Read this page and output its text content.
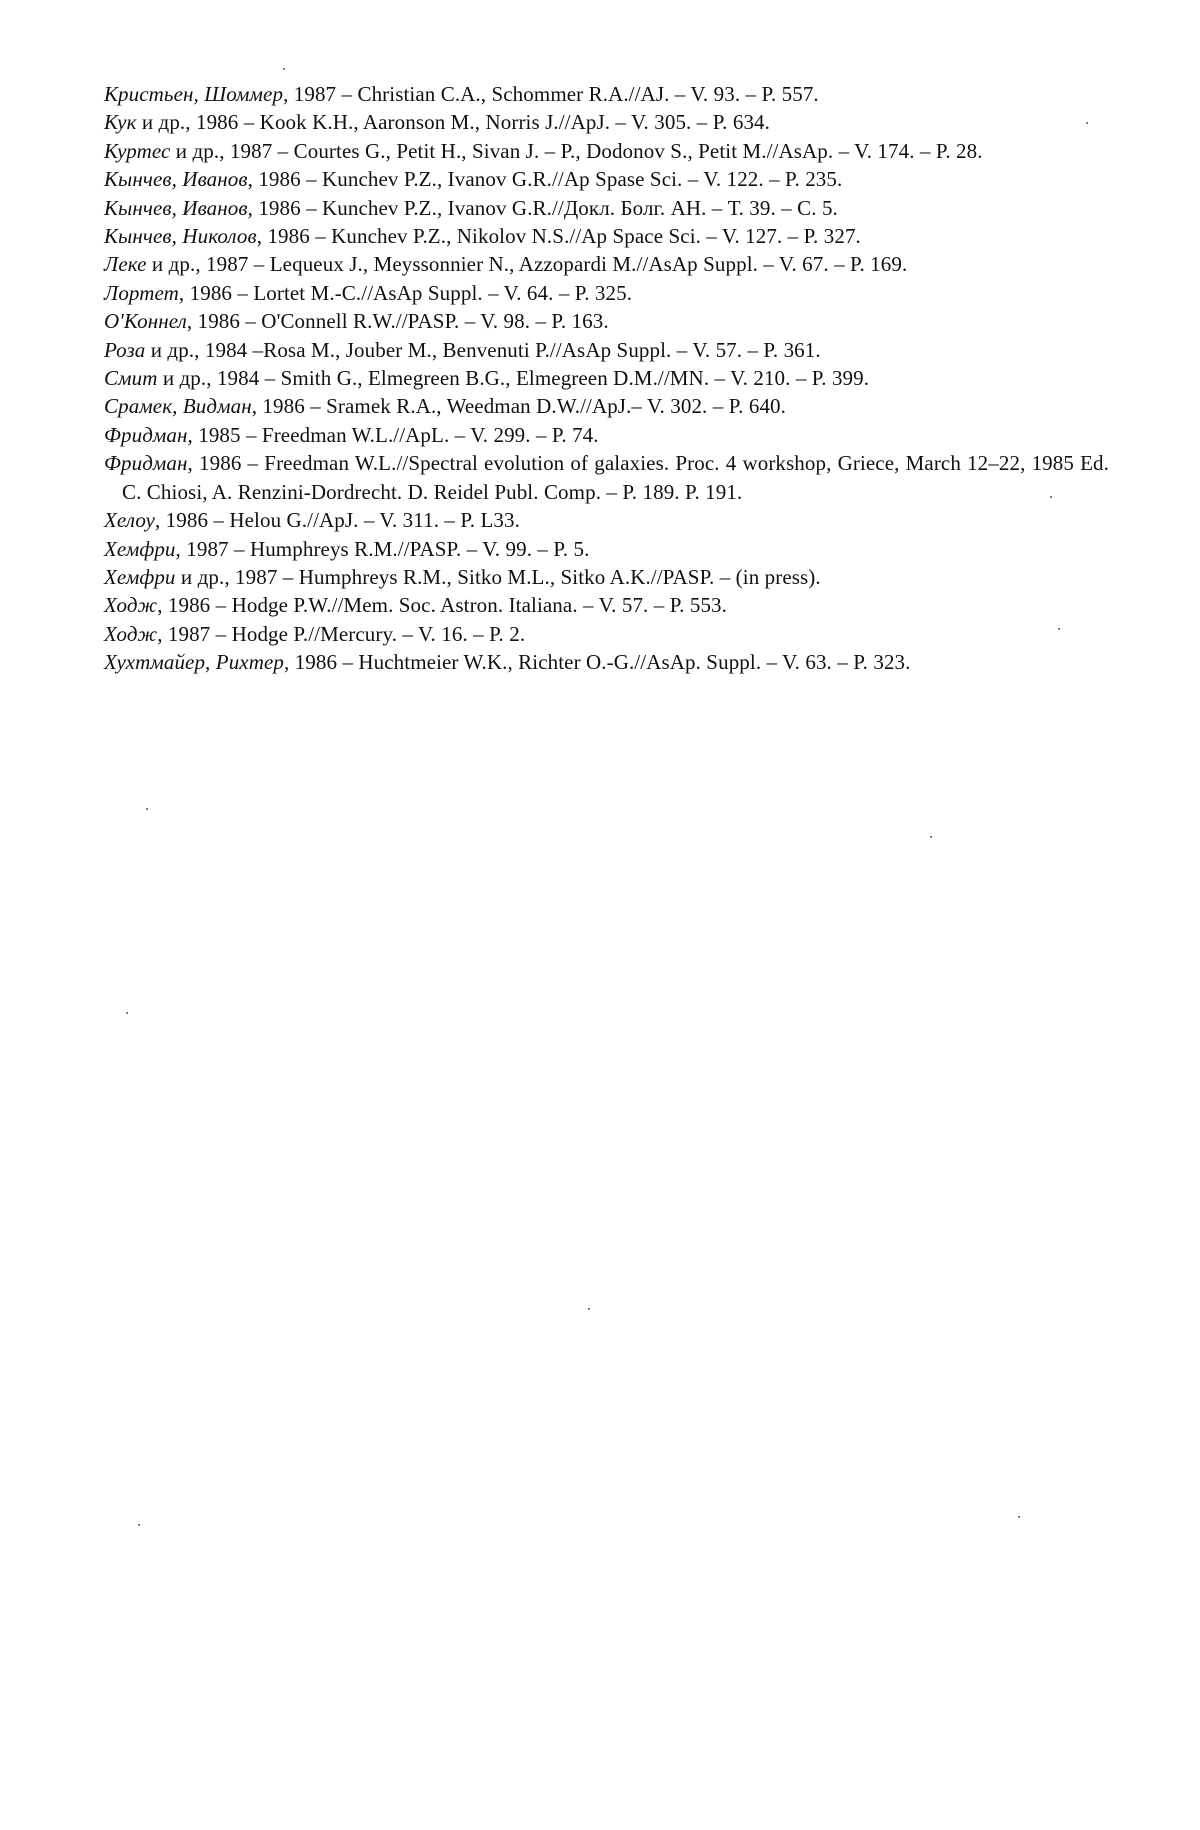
Кристьен, Шоммер, 1987 – Christian C.A., Schommer R.A.//AJ. – V. 93. – P. 557.

Кук и др., 1986 – Kook K.H., Aaronson M., Norris J.//ApJ. – V. 305. – P. 634.

Куртес и др., 1987 – Courtes G., Petit H., Sivan J. – P., Dodonov S., Petit M.//AsAp. – V. 174. – P. 28.

Кынчев, Иванов, 1986 – Kunchev P.Z., Ivanov G.R.//Ap Spase Sci. – V. 122. – P. 235.

Кынчев, Иванов, 1986 – Kunchev P.Z., Ivanov G.R.//Докл. Болг. АН. – Т. 39. – С. 5.

Кынчев, Николов, 1986 – Kunchev P.Z., Nikolov N.S.//Ap Space Sci. – V. 127. – P. 327.

Леке и др., 1987 – Lequeux J., Meyssonnier N., Azzopardi M.//AsAp Suppl. – V. 67. – P. 169.

Лортет, 1986 – Lortet M.-C.//AsAp Suppl. – V. 64. – P. 325.

О'Коннел, 1986 – O'Connell R.W.//PASP. – V. 98. – P. 163.

Роза и др., 1984 –Rosa M., Jouber M., Benvenuti P.//AsAp Suppl. – V. 57. – P. 361.

Смит и др., 1984 – Smith G., Elmegreen B.G., Elmegreen D.M.//MN. – V. 210. – P. 399.

Срамек, Видман, 1986 – Sramek R.A., Weedman D.W.//ApJ.– V. 302. – P. 640.

Фридман, 1985 – Freedman W.L.//ApL. – V. 299. – P. 74.

Фридман, 1986 – Freedman W.L.//Spectral evolution of galaxies. Proc. 4 workshop, Griece, March 12–22, 1985 Ed. C. Chiosi, A. Renzini-Dordrecht. D. Reidel Publ. Comp. – P. 189. P. 191.

Хелоу, 1986 – Helou G.//ApJ. – V. 311. – P. L33.

Хемфри, 1987 – Humphreys R.M.//PASP. – V. 99. – P. 5.

Хемфри и др., 1987 – Humphreys R.M., Sitko M.L., Sitko A.K.//PASP. – (in press).

Ходж, 1986 – Hodge P.W.//Mem. Soc. Astron. Italiana. – V. 57. – P. 553.

Ходж, 1987 – Hodge P.//Mercury. – V. 16. – P. 2.

Хухтмайер, Рихтер, 1986 – Huchtmeier W.K., Richter O.-G.//AsAp. Suppl. – V. 63. – P. 323.
